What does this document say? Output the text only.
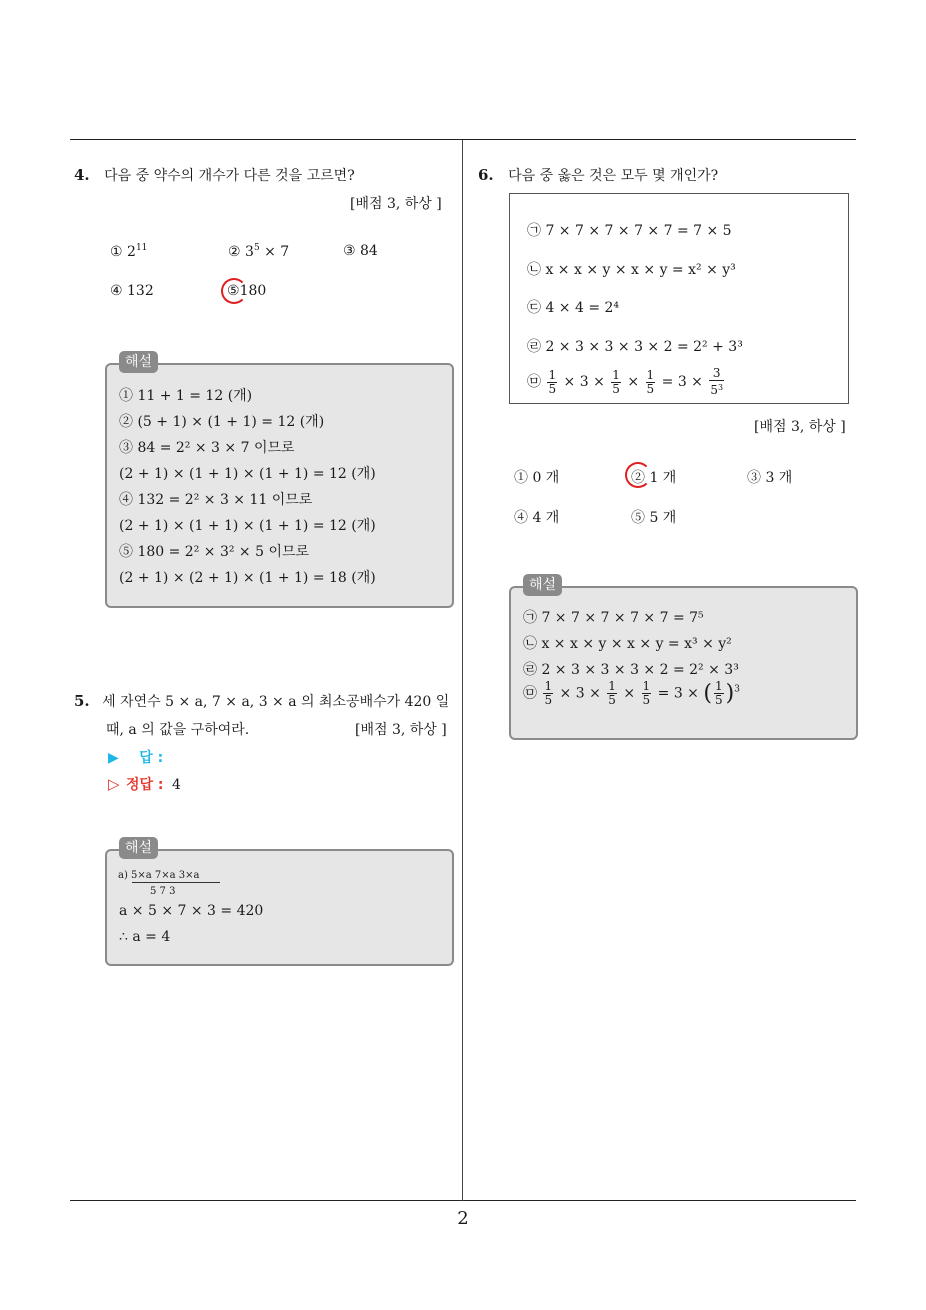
4. 다음 중 약수의 개수가 다른 것을 고르면?
[배점 3, 하상 ]
① $2^{11}$	② $3^5 \times 7$	③ 84
④ 132	⑤180
해설
① 11 + 1 = 12 (개)
② (5 + 1) × (1 + 1) = 12 (개)
③ 84 = 2² × 3 × 7 이므로
(2 + 1) × (1 + 1) × (1 + 1) = 12 (개)
④ 132 = 2² × 3 × 11 이므로
(2 + 1) × (1 + 1) × (1 + 1) = 12 (개)
⑤ 180 = 2² × 3² × 5 이므로
(2 + 1) × (2 + 1) × (1 + 1) = 18 (개)
5. 세 자연수 5 × a, 7 × a, 3 × a 의 최소공배수가 420 일
때, a 의 값을 구하여라.	[배점 3, 하상 ]
▶ 답 :
▷ 정답 : 4
해설
a) 5×a 7×a 3×a
5 7 3
a × 5 × 7 × 3 = 420
∴ a = 4
6. 다음 중 옳은 것은 모두 몇 개인가?
㉠ 7 × 7 × 7 × 7 × 7 = 7 × 5
㉡ x × x × y × x × y = x² × y³
㉢ 4 × 4 = 2⁴
㉣ 2 × 3 × 3 × 3 × 2 = 2² + 3³
㉤ $\frac{1}{5} \times 3 \times \frac{1}{5} \times \frac{1}{5} = 3 \times \frac{3}{5^3}$
[배점 3, 하상 ]
① 0 개	② 1 개	③ 3 개
④ 4 개	⑤ 5 개
해설
㉠ 7 × 7 × 7 × 7 × 7 = 7⁵
㉡ x × x × y × x × y = x³ × y²
㉣ 2 × 3 × 3 × 3 × 2 = 2² × 3³
㉤ $\frac{1}{5} \times 3 \times \frac{1}{5} \times \frac{1}{5} = 3$ × ( $\frac{1}{5} )^3$
2
